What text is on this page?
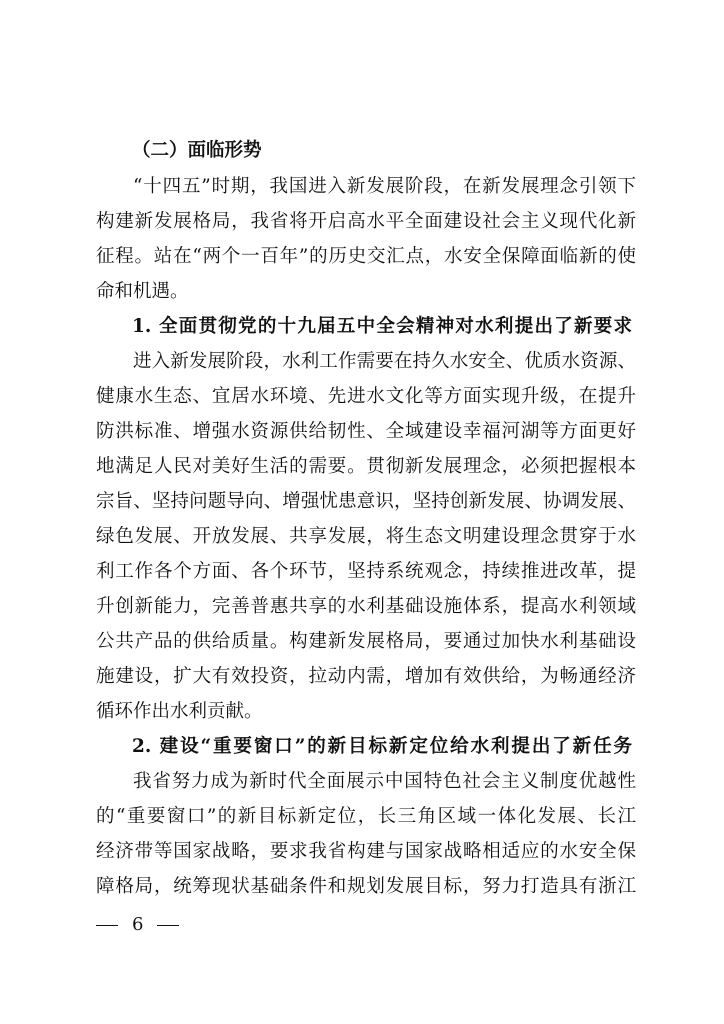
（二）面临形势
“十四五”时期，我国进入新发展阶段，在新发展理念引领下
构建新发展格局，我省将开启高水平全面建设社会主义现代化新
征程。站在“两个一百年”的历史交汇点，水安全保障面临新的使
命和机遇。
1. 全面贯彻党的十九届五中全会精神对水利提出了新要求
进入新发展阶段，水利工作需要在持久水安全、优质水资源、
健康水生态、宜居水环境、先进水文化等方面实现升级，在提升
防洪标准、增强水资源供给韧性、全域建设幸福河湖等方面更好
地满足人民对美好生活的需要。贯彻新发展理念，必须把握根本
宗旨、坚持问题导向、增强忧患意识，坚持创新发展、协调发展、
绿色发展、开放发展、共享发展，将生态文明建设理念贯穿于水
利工作各个方面、各个环节，坚持系统观念，持续推进改革，提
升创新能力，完善普惠共享的水利基础设施体系，提高水利领域
公共产品的供给质量。构建新发展格局，要通过加快水利基础设
施建设，扩大有效投资，拉动内需，增加有效供给，为畅通经济
循环作出水利贡献。
2. 建设“重要窗口”的新目标新定位给水利提出了新任务
我省努力成为新时代全面展示中国特色社会主义制度优越性
的“重要窗口”的新目标新定位，长三角区域一体化发展、长江
经济带等国家战略，要求我省构建与国家战略相适应的水安全保
障格局，统筹现状基础条件和规划发展目标，努力打造具有浙江
6
